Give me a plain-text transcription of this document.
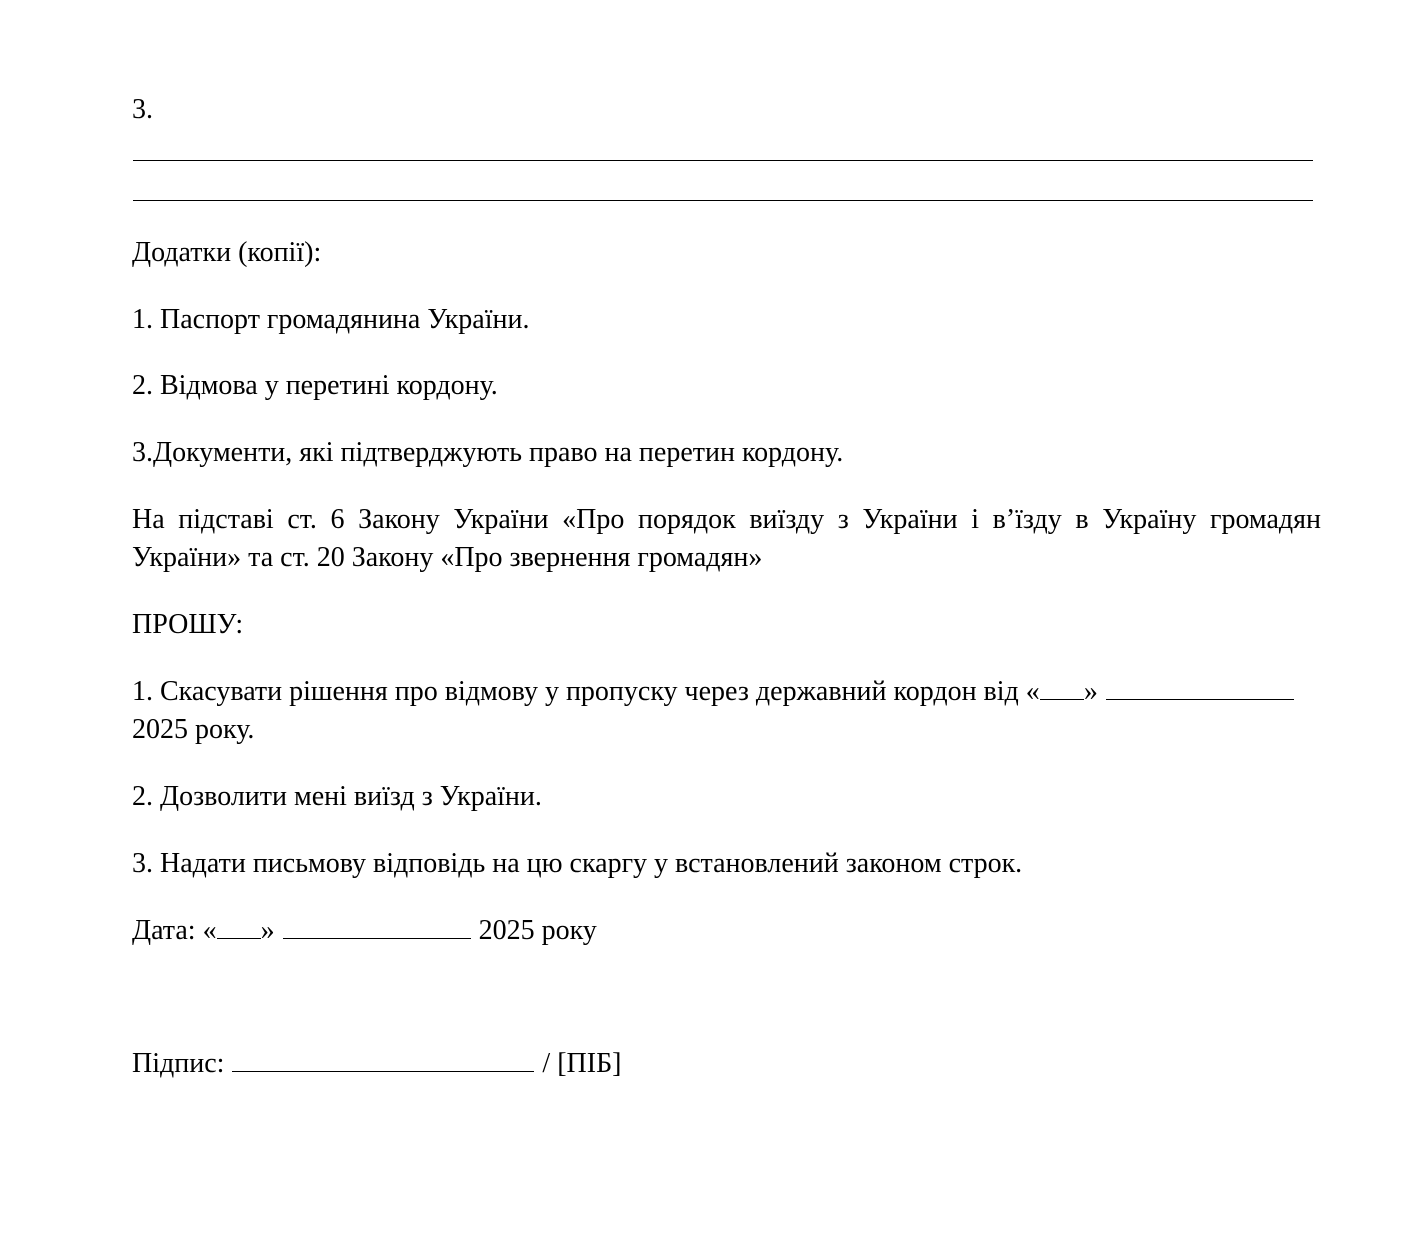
3.
Додатки (копії):
1. Паспорт громадянина України.
2. Відмова у перетині кордону.
3.Документи, які підтверджують право на перетин кордону.
На підставі ст. 6 Закону України «Про порядок виїзду з України і в’їзду в Україну громадян
України» та ст. 20 Закону «Про звернення громадян»
ПРОШУ:
1. Скасувати рішення про відмову у пропуску через державний кордон від « »
2025 року.
2. Дозволити мені виїзд з України.
3. Надати письмову відповідь на цю скаргу у встановлений законом строк.
Дата: « »	2025 року
Підпис:	/ [ПІБ]
